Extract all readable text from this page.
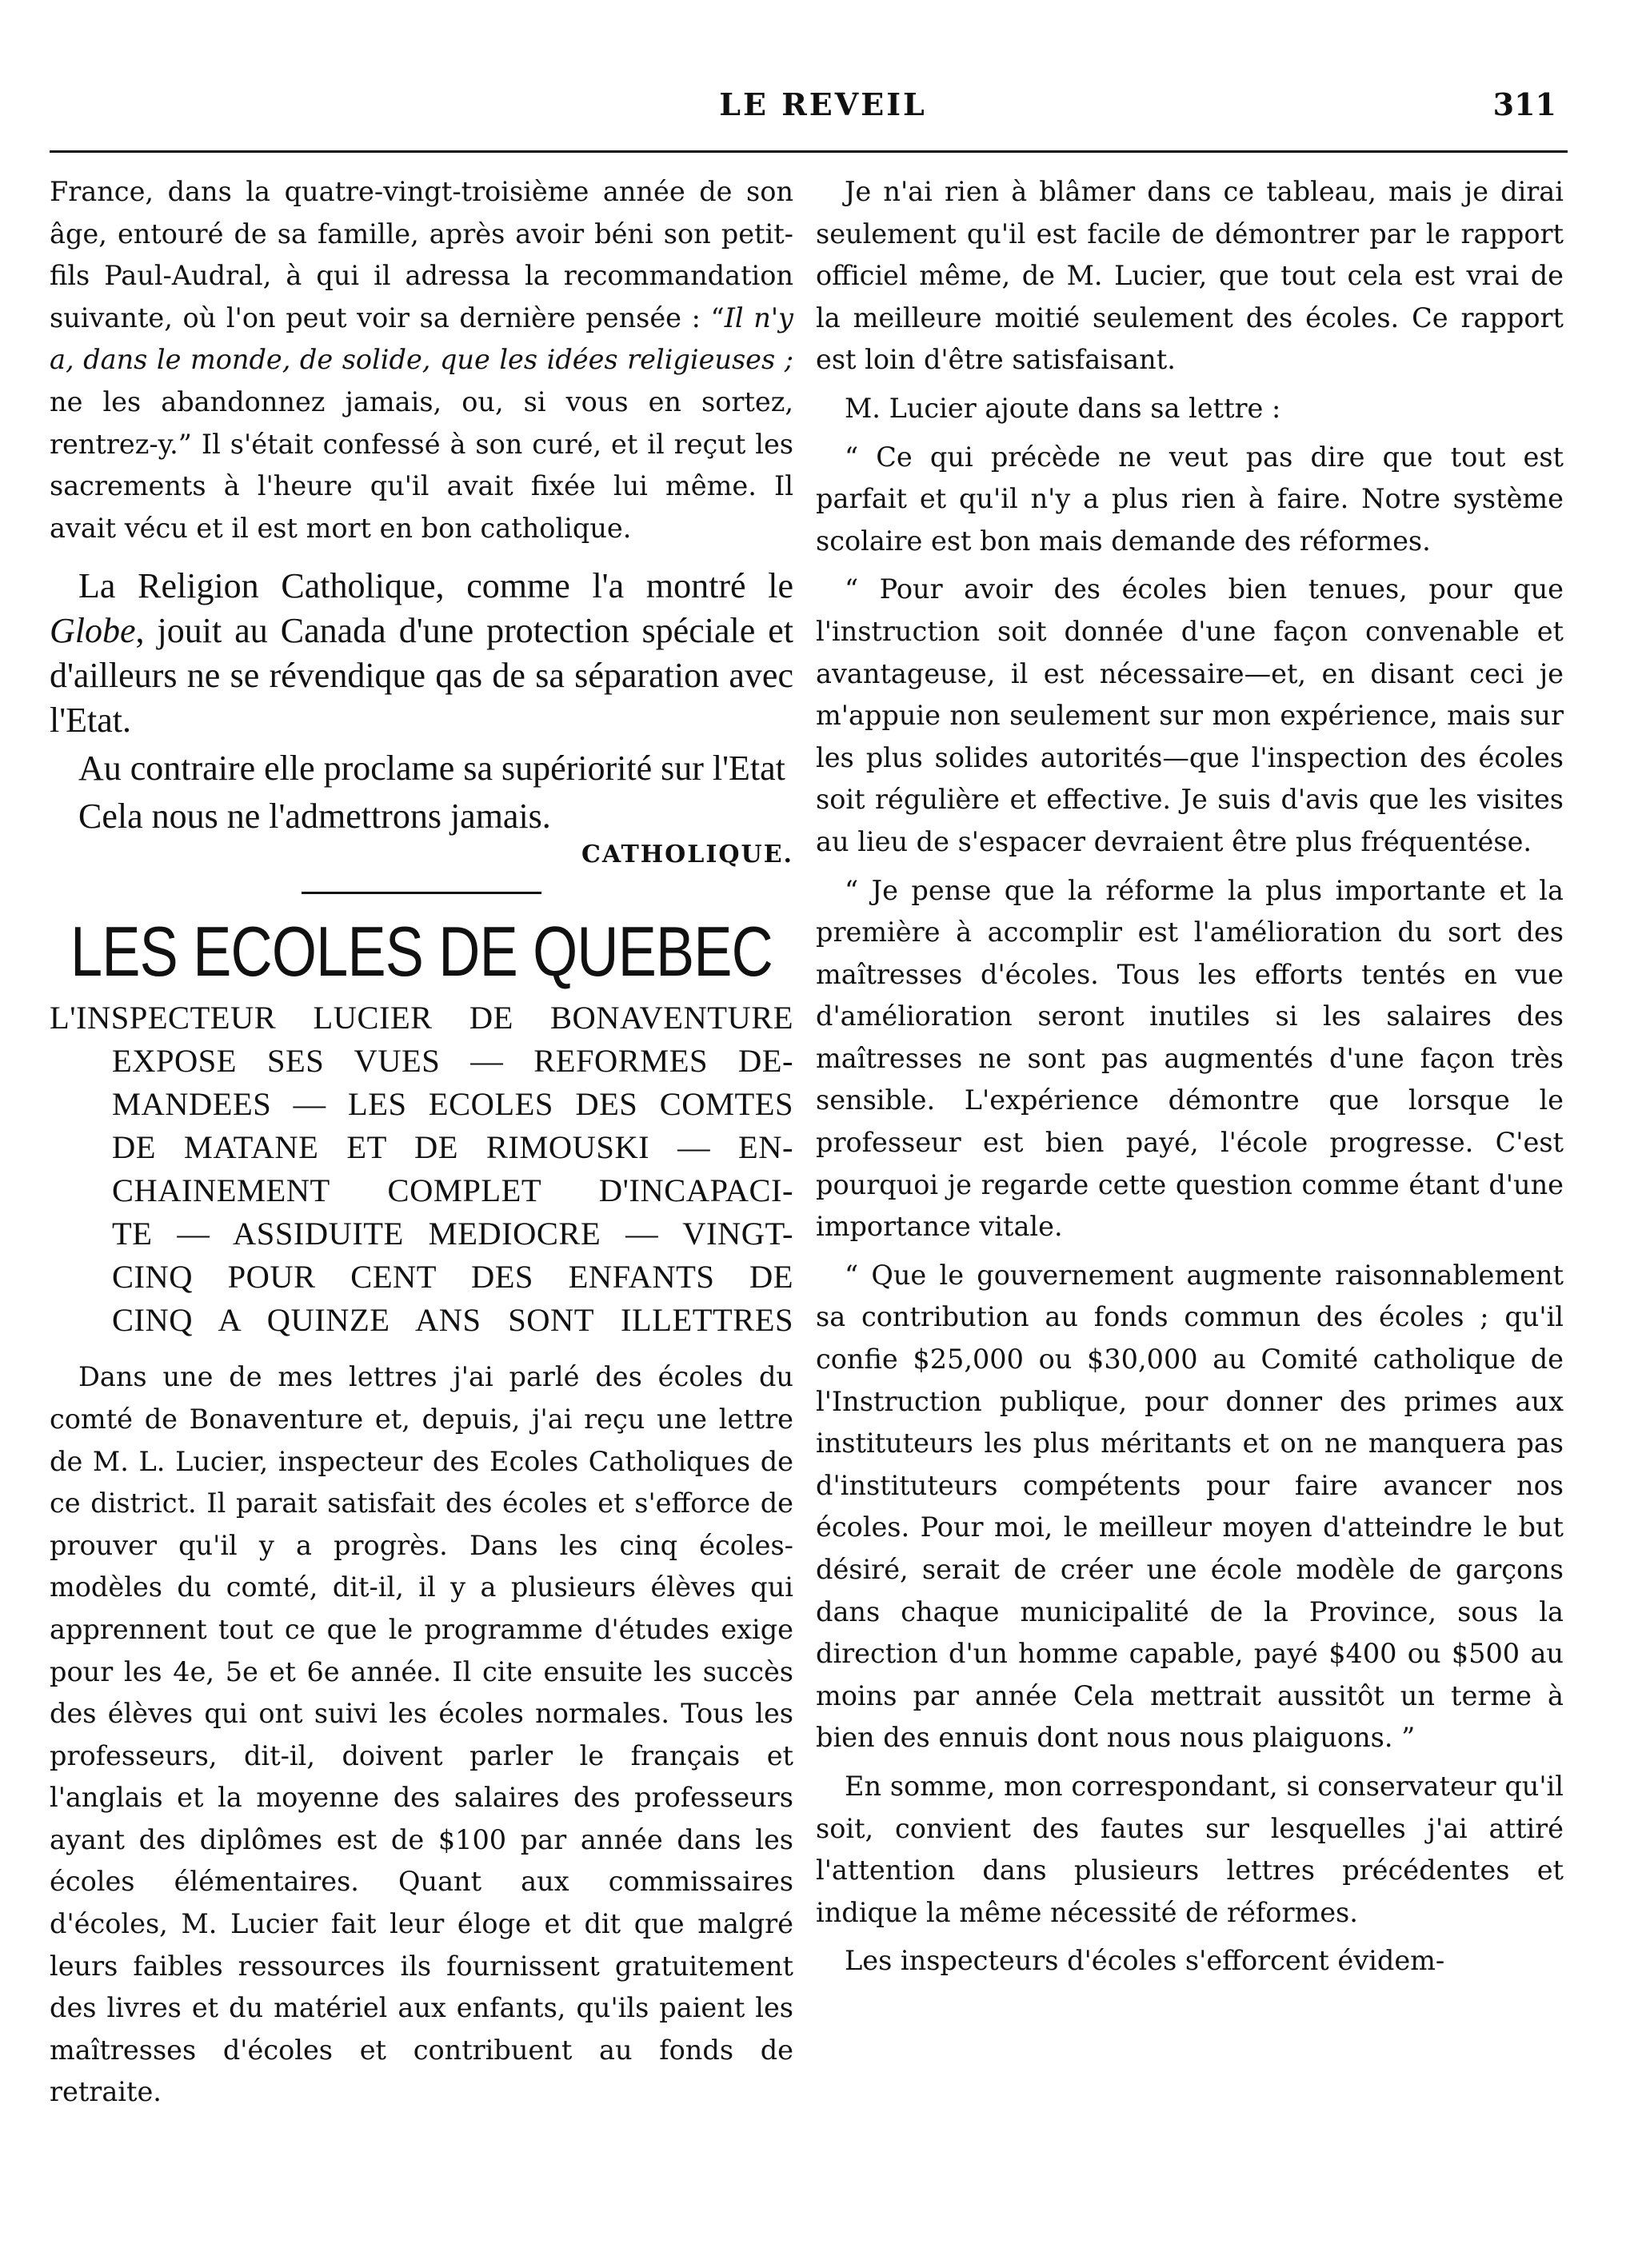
LE REVEIL	311

France, dans la quatre-vingt-troisième année de son âge, entouré de sa famille, après avoir béni son petit-fils Paul-Audral, à qui il adressa la recommandation suivante, où l'on peut voir sa dernière pensée : “Il n'y a, dans le monde, de solide, que les idées religieuses ; ne les abandonnez jamais, ou, si vous en sortez, rentrez-y.” Il s'était confessé à son curé, et il reçut les sacrements à l'heure qu'il avait fixée lui même. Il avait vécu et il est mort en bon catholique.

La Religion Catholique, comme l'a montré le Globe, jouit au Canada d'une protection spéciale et d'ailleurs ne se révendique qas de sa séparation avec l'Etat.

Au contraire elle proclame sa supériorité sur l'Etat

Cela nous ne l'admettrons jamais.

CATHOLIQUE.

LES ECOLES DE QUEBEC
L'INSPECTEUR LUCIER DE BONAVENTURE
EXPOSE SES VUES — REFORMES DE-
MANDEES — LES ECOLES DES COMTES
DE MATANE ET DE RIMOUSKI — EN-
CHAINEMENT COMPLET D'INCAPACI-
TE — ASSIDUITE MEDIOCRE — VINGT-
CINQ POUR CENT DES ENFANTS DE
CINQ A QUINZE ANS SONT ILLETTRES

Dans une de mes lettres j'ai parlé des écoles du comté de Bonaventure et, depuis, j'ai reçu une lettre de M. L. Lucier, inspecteur des Ecoles Catholiques de ce district. Il parait satisfait des écoles et s'efforce de prouver qu'il y a progrès. Dans les cinq écoles-modèles du comté, dit-il, il y a plusieurs élèves qui apprennent tout ce que le programme d'études exige pour les 4e, 5e et 6e année. Il cite ensuite les succès des élèves qui ont suivi les écoles normales. Tous les professeurs, dit-il, doivent parler le français et l'anglais et la moyenne des salaires des professeurs ayant des diplômes est de $100 par année dans les écoles élémentaires. Quant aux commissaires d'écoles, M. Lucier fait leur éloge et dit que malgré leurs faibles ressources ils fournissent gratuitement des livres et du matériel aux enfants, qu'ils paient les maîtresses d'écoles et contribuent au fonds de retraite.

Je n'ai rien à blâmer dans ce tableau, mais je dirai seulement qu'il est facile de démontrer par le rapport officiel même, de M. Lucier, que tout cela est vrai de la meilleure moitié seulement des écoles. Ce rapport est loin d'être satisfaisant.

M. Lucier ajoute dans sa lettre :

“ Ce qui précède ne veut pas dire que tout est parfait et qu'il n'y a plus rien à faire. Notre système scolaire est bon mais demande des réformes.

“ Pour avoir des écoles bien tenues, pour que l'instruction soit donnée d'une façon convenable et avantageuse, il est nécessaire—et, en disant ceci je m'appuie non seulement sur mon expérience, mais sur les plus solides autorités—que l'inspection des écoles soit régulière et effective. Je suis d'avis que les visites au lieu de s'espacer devraient être plus fréquentése.

“ Je pense que la réforme la plus importante et la première à accomplir est l'amélioration du sort des maîtresses d'écoles. Tous les efforts tentés en vue d'amélioration seront inutiles si les salaires des maîtresses ne sont pas augmentés d'une façon très sensible. L'expérience démontre que lorsque le professeur est bien payé, l'école progresse. C'est pourquoi je regarde cette question comme étant d'une importance vitale.

“ Que le gouvernement augmente raisonnablement sa contribution au fonds commun des écoles ; qu'il confie $25,000 ou $30,000 au Comité catholique de l'Instruction publique, pour donner des primes aux instituteurs les plus méritants et on ne manquera pas d'instituteurs compétents pour faire avancer nos écoles. Pour moi, le meilleur moyen d'atteindre le but désiré, serait de créer une école modèle de garçons dans chaque municipalité de la Province, sous la direction d'un homme capable, payé $400 ou $500 au moins par année Cela mettrait aussitôt un terme à bien des ennuis dont nous nous plaiguons. ”

En somme, mon correspondant, si conservateur qu'il soit, convient des fautes sur lesquelles j'ai attiré l'attention dans plusieurs lettres précédentes et indique la même nécessité de réformes.

Les inspecteurs d'écoles s'efforcent évidem-
